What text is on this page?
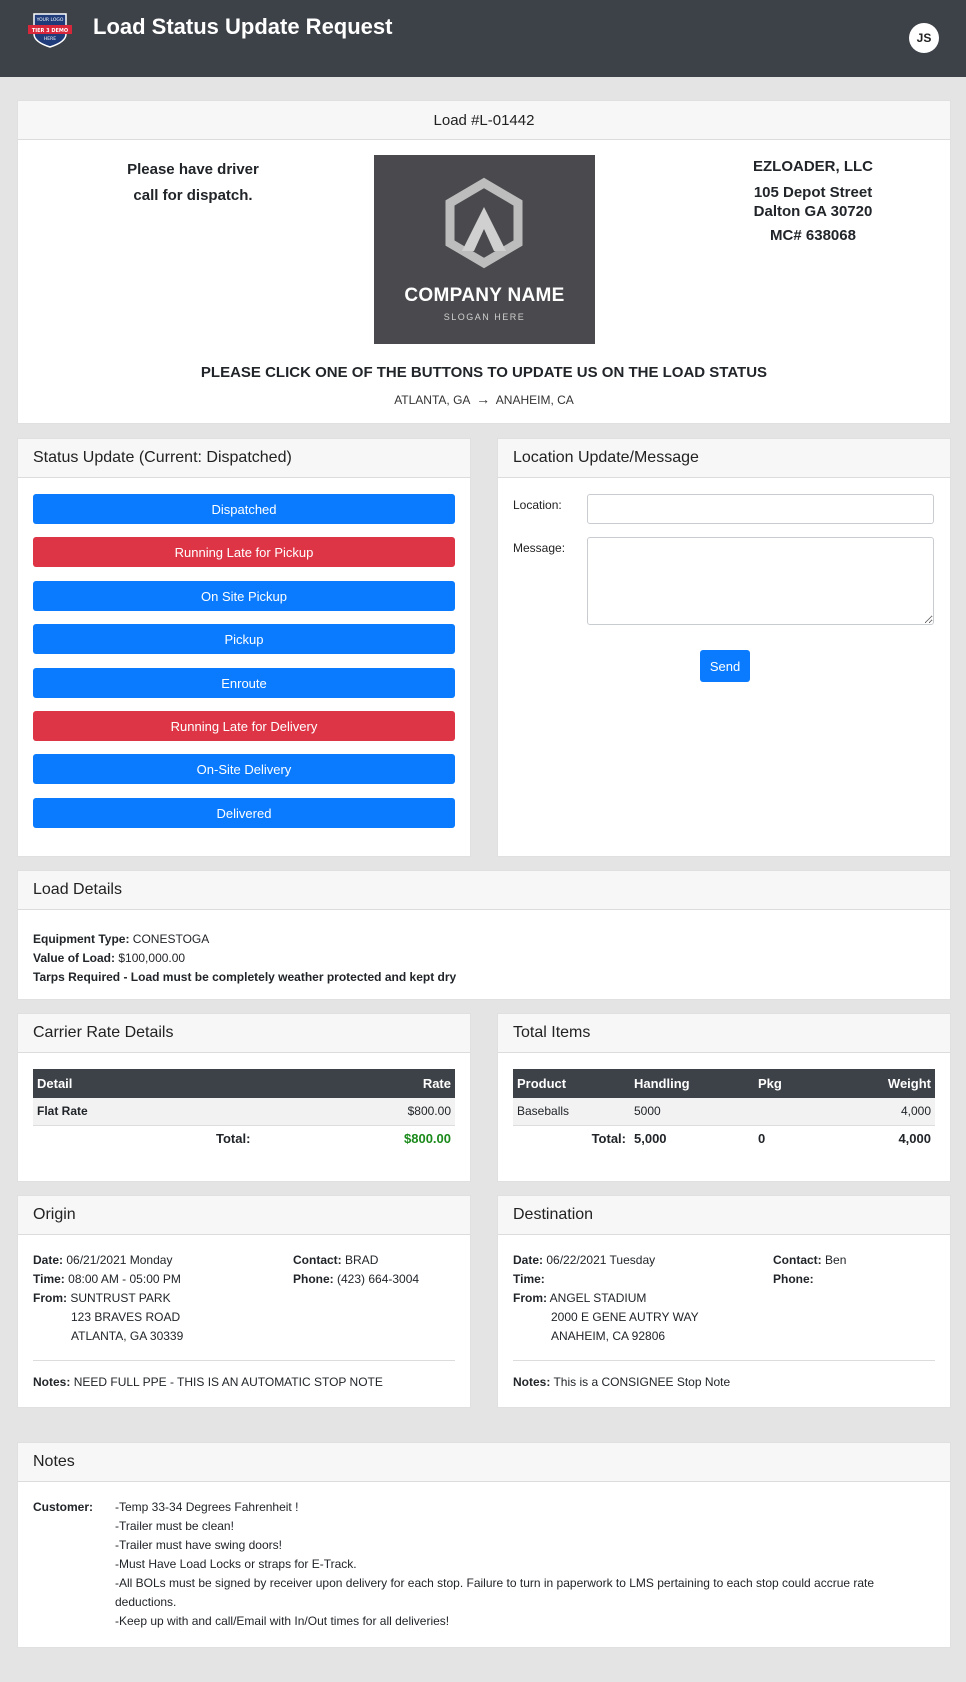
YOUR LOGO
TIER 3 DEMO
HERE
Load Status Update Request	JS
Load #L-01442
Please have driver
call for dispatch.
COMPANY NAME
SLOGAN HERE
EZLOADER, LLC
105 Depot Street
Dalton GA 30720
MC# 638068
PLEASE CLICK ONE OF THE BUTTONS TO UPDATE US ON THE LOAD STATUS
ATLANTA, GA → ANAHEIM, CA
Status Update (Current: Dispatched)
Dispatched
Running Late for Pickup
On Site Pickup
Pickup
Enroute
Running Late for Delivery
On-Site Delivery
Delivered
Location Update/Message
Location:
Message:
Send
Load Details
Equipment Type: CONESTOGA
Value of Load: $100,000.00
Tarps Required - Load must be completely weather protected and kept dry
Carrier Rate Details
Detail	Rate
Flat Rate	$800.00
Total:	$800.00
Total Items
Product	Handling	Pkg	Weight
Baseballs	5000		4,000
Total:	5,000	0	4,000
Origin
Date: 06/21/2021 Monday
Time: 08:00 AM - 05:00 PM
From: SUNTRUST PARK
123 BRAVES ROAD
ATLANTA, GA 30339
Contact: BRAD
Phone: (423) 664-3004
Notes: NEED FULL PPE - THIS IS AN AUTOMATIC STOP NOTE
Destination
Date: 06/22/2021 Tuesday
Time:
From: ANGEL STADIUM
2000 E GENE AUTRY WAY
ANAHEIM, CA 92806
Contact: Ben
Phone:
Notes: This is a CONSIGNEE Stop Note
Notes
Customer: -Temp 33-34 Degrees Fahrenheit !
-Trailer must be clean!
-Trailer must have swing doors!
-Must Have Load Locks or straps for E-Track.
-All BOLs must be signed by receiver upon delivery for each stop. Failure to turn in paperwork to LMS pertaining to each stop could accrue rate deductions.
-Keep up with and call/Email with In/Out times for all deliveries!
